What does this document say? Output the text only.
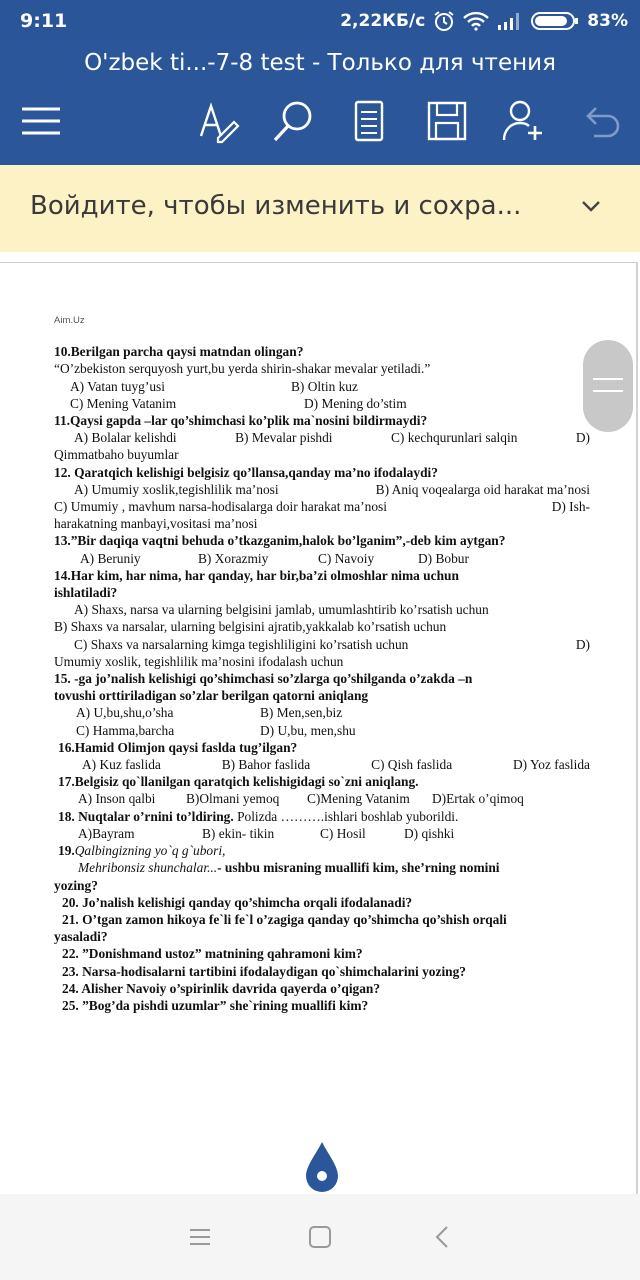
9:11	2,22КБ/с	83%
O'zbek ti...-7-8 test - Только для чтения
Войдите, чтобы изменить и сохра...
Aim.Uz
10.Berilgan parcha qaysi matndan olingan?
“O’zbekiston serquyosh yurt,bu yerda shirin-shakar mevalar yetiladi.”
A) Vatan tuyg’usi	B) Oltin kuz
C) Mening Vatanim	D) Mening do’stim
11.Qaysi gapda –lar qo’shimchasi ko’plik ma`nosini bildirmaydi?
A) Bolalar kelishdi	B) Mevalar pishdi	C) kechqurunlari salqin	D)
Qimmatbaho buyumlar
12. Qaratqich kelishigi belgisiz qo’llansa,qanday ma’no ifodalaydi?
A) Umumiy xoslik,tegishlilik ma’nosi	B) Aniq voqealarga oid harakat ma’nosi
C) Umumiy , mavhum narsa-hodisalarga doir harakat ma’nosi	D) Ish-
harakatning manbayi,vositasi ma’nosi
13.”Bir daqiqa vaqtni behuda o’tkazganim,halok bo’lganim”,-deb kim aytgan?
A) Beruniy	B) Xorazmiy	C) Navoiy	D) Bobur
14.Har kim, har nima, har qanday, har bir,ba’zi olmoshlar nima uchun
ishlatiladi?
A) Shaxs, narsa va ularning belgisini jamlab, umumlashtirib ko’rsatish uchun
B) Shaxs va narsalar, ularning belgisini ajratib,yakkalab ko’rsatish uchun
C) Shaxs va narsalarning kimga tegishliligini ko’rsatish uchun	D)
Umumiy xoslik, tegishlilik ma’nosini ifodalash uchun
15. -ga jo’nalish kelishigi qo’shimchasi so’zlarga qo’shilganda o’zakda –n
tovushi orttiriladigan so’zlar berilgan qatorni aniqlang
A) U,bu,shu,o’sha	B) Men,sen,biz
C) Hamma,barcha	D) U,bu, men,shu
16.Hamid Olimjon qaysi faslda tug’ilgan?
A) Kuz faslida	B) Bahor faslida	C) Qish faslida	D) Yoz faslida
17.Belgisiz qo`llanilgan qaratqich kelishigidagi so`zni aniqlang.
A) Inson qalbi B)Olmani yemoq C)Mening Vatanim D)Ertak o’qimoq
18. Nuqtalar o’rnini to’ldiring. Polizda ……….ishlari boshlab yuborildi.
A)Bayram	B) ekin- tikin	C) Hosil	D) qishki
19.Qalbingizning yo`q g`ubori,
Mehribonsiz shunchalar...- ushbu misraning muallifi kim, she’rning nomini
yozing?
20. Jo’nalish kelishigi qanday qo’shimcha orqali ifodalanadi?
21. O’tgan zamon hikoya fe`li fe`l o’zagiga qanday qo’shimcha qo’shish orqali
yasaladi?
22. ”Donishmand ustoz” matnining qahramoni kim?
23. Narsa-hodisalarni tartibini ifodalaydigan qo`shimchalarini yozing?
24. Alisher Navoiy o’spirinlik davrida qayerda o’qigan?
25. ”Bog’da pishdi uzumlar” she`rining muallifi kim?
